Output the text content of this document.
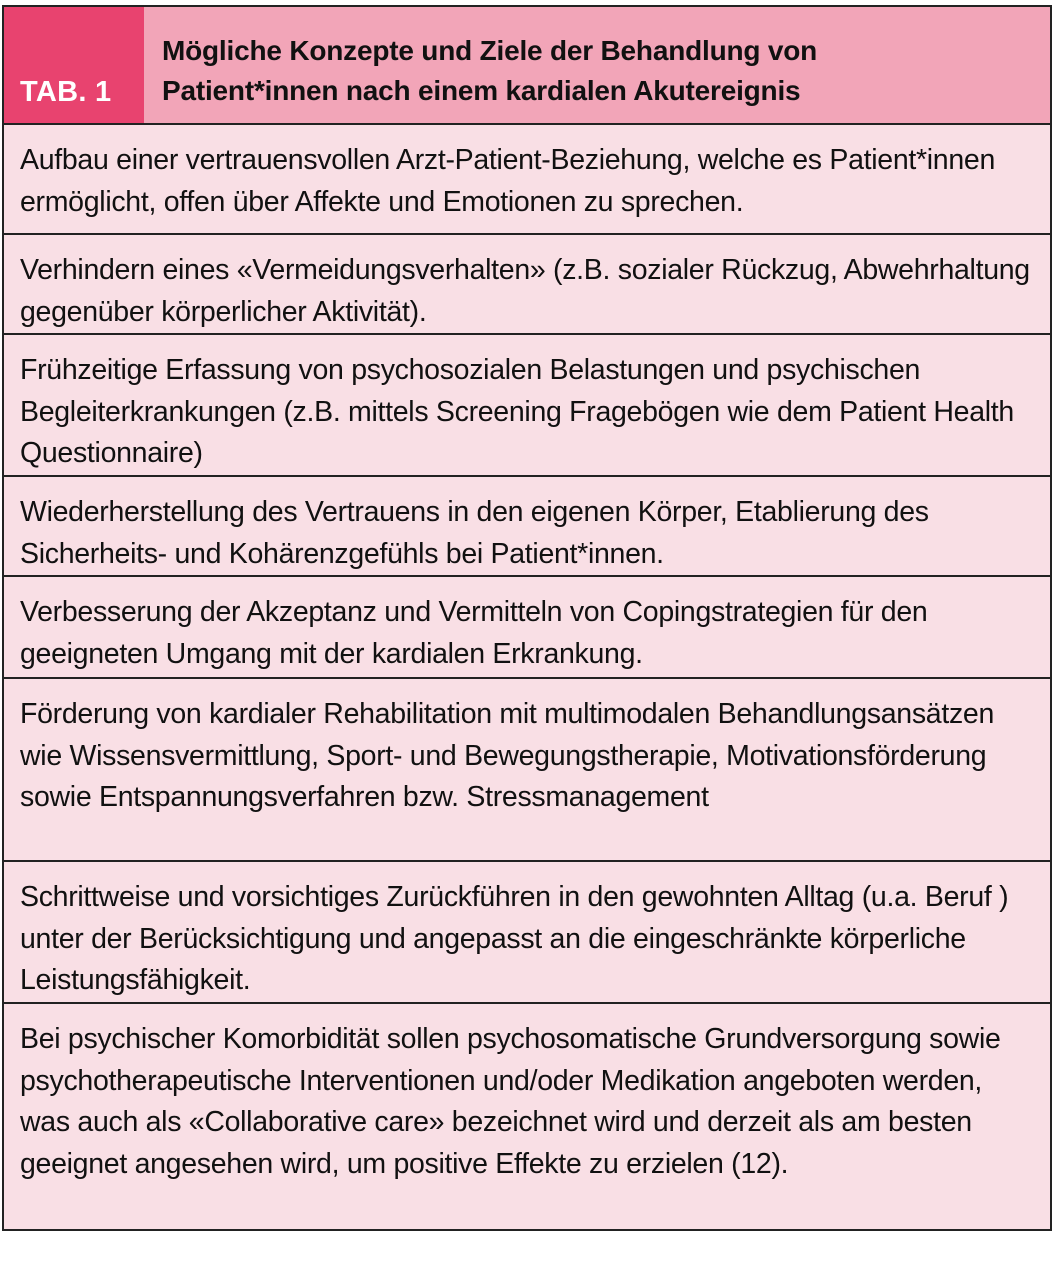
TAB. 1
Mögliche Konzepte und Ziele der Behandlung von
Patient*innen nach einem kardialen Akutereignis
Aufbau einer vertrauensvollen Arzt-Patient-Beziehung, welche es Patient*innen ermöglicht, offen über Affekte und Emotionen zu sprechen.
Verhindern eines «Vermeidungsverhalten» (z.B. sozialer Rückzug, Abwehrhaltung gegenüber körperlicher Aktivität).
Frühzeitige Erfassung von psychosozialen Belastungen und psychischen Begleiterkrankungen (z.B. mittels Screening Fragebögen wie dem Patient Health Questionnaire)
Wiederherstellung des Vertrauens in den eigenen Körper, Etablierung des Sicherheits- und Kohärenzgefühls bei Patient*innen.
Verbesserung der Akzeptanz und Vermitteln von Copingstrategien für den geeigneten Umgang mit der kardialen Erkrankung.
Förderung von kardialer Rehabilitation mit multimodalen Behandlungsansätzen wie Wissensvermittlung, Sport- und Bewegungstherapie, Motivationsförderung sowie Entspannungsverfahren bzw. Stressmanagement
Schrittweise und vorsichtiges Zurückführen in den gewohnten Alltag (u.a. Beruf ) unter der Berücksichtigung und angepasst an die eingeschränkte körperliche Leistungsfähigkeit.
Bei psychischer Komorbidität sollen psychosomatische Grundversorgung sowie psychotherapeutische Interventionen und/oder Medikation angeboten werden, was auch als «Collaborative care» bezeichnet wird und derzeit als am besten geeignet angesehen wird, um positive Effekte zu erzielen (12).
